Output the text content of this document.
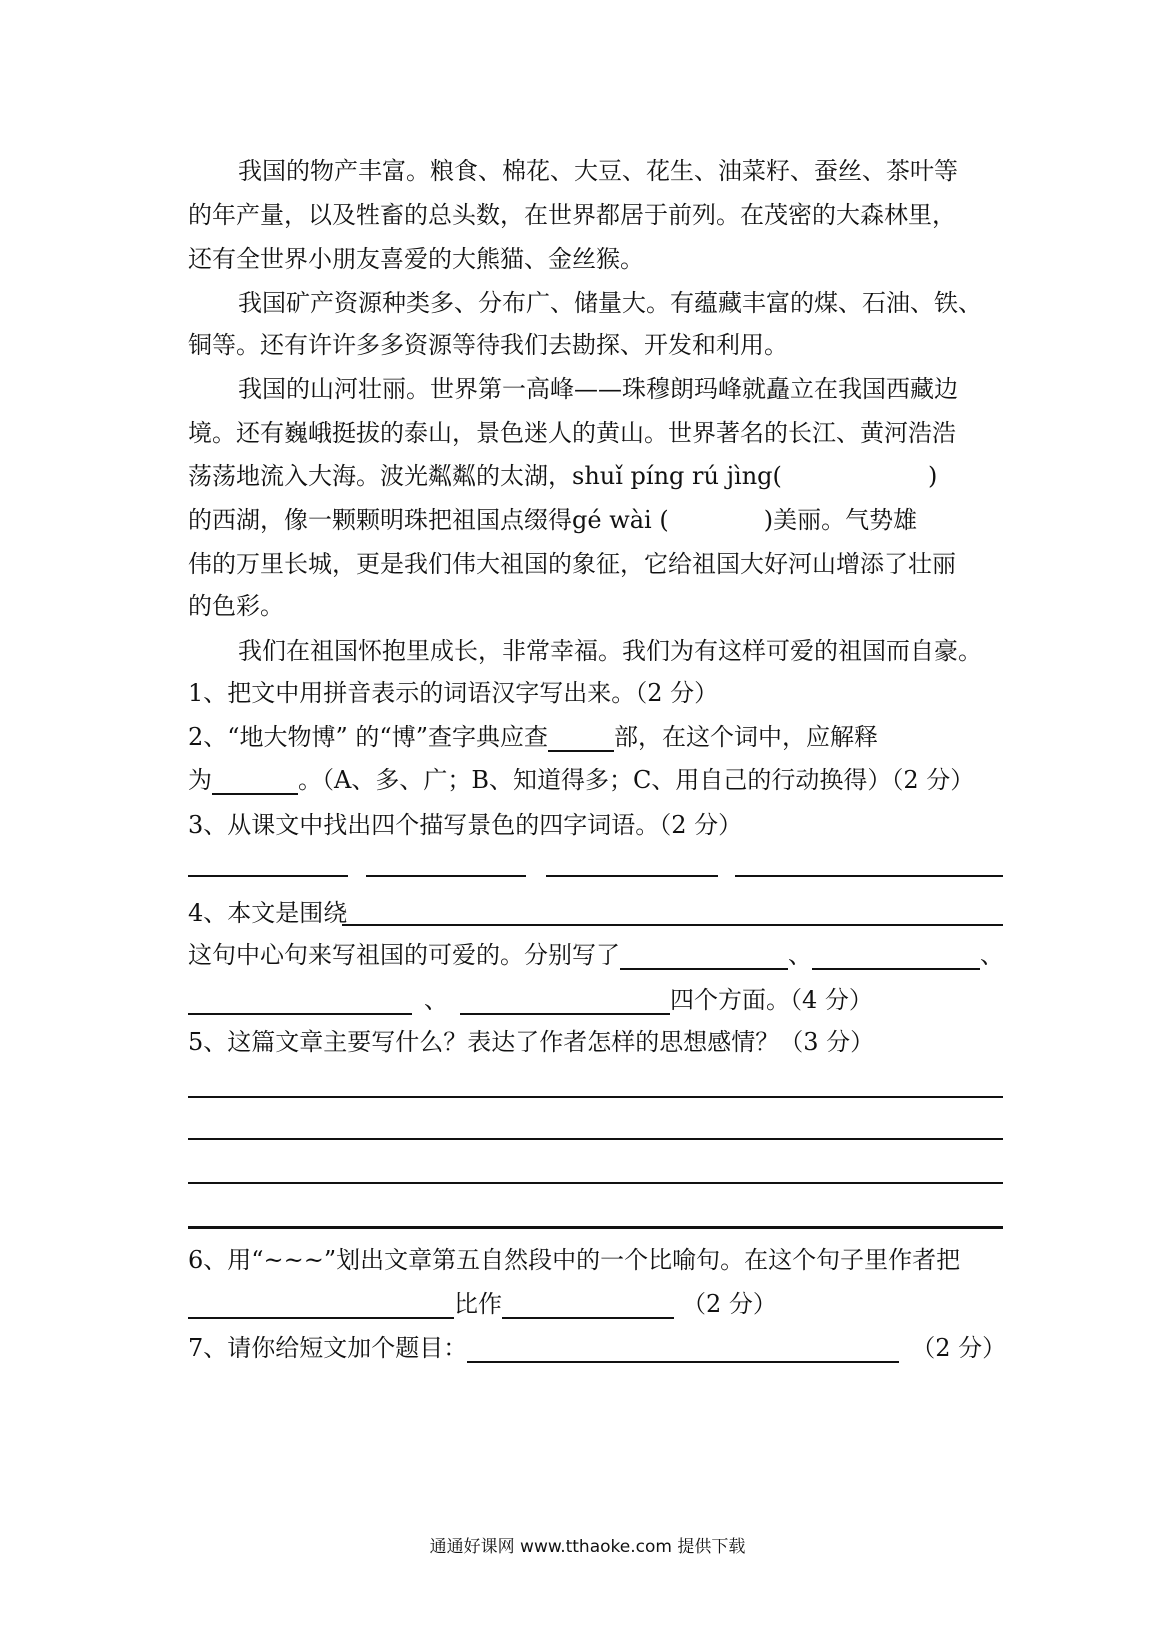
我国的物产丰富。粮食、棉花、大豆、花生、油菜籽、蚕丝、茶叶等
的年产量，以及牲畜的总头数，在世界都居于前列。在茂密的大森林里，
还有全世界小朋友喜爱的大熊猫、金丝猴。
我国矿产资源种类多、分布广、储量大。有蕴藏丰富的煤、石油、铁、
铜等。还有许许多多资源等待我们去勘探、开发和利用。
我国的山河壮丽。世界第一高峰——珠穆朗玛峰就矗立在我国西藏边
境。还有巍峨挺拔的泰山，景色迷人的黄山。世界著名的长江、黄河浩浩
荡荡地流入大海。波光粼粼的太湖，shuǐ píng rú jìng(	)
的西湖，像一颗颗明珠把祖国点缀得gé wài (	)美丽。气势雄
伟的万里长城，更是我们伟大祖国的象征，它给祖国大好河山增添了壮丽
的色彩。
我们在祖国怀抱里成长，非常幸福。我们为有这样可爱的祖国而自豪。
1、把文中用拼音表示的词语汉字写出来。（2 分）
2、“地大物博” 的“博”查字典应查	部，在这个词中，应解释
为	。（A、多、广；B、知道得多；C、用自己的行动换得）（2 分）
3、从课文中找出四个描写景色的四字词语。（2 分）
4、本文是围绕
这句中心句来写祖国的可爱的。分别写了	、	、
、	四个方面。（4 分）
5、这篇文章主要写什么？表达了作者怎样的思想感情？（3 分）
6、用“~~~”划出文章第五自然段中的一个比喻句。在这个句子里作者把
比作	（2 分）
7、请你给短文加个题目：	（2 分）
通通好课网 www.tthaoke.com 提供下载
